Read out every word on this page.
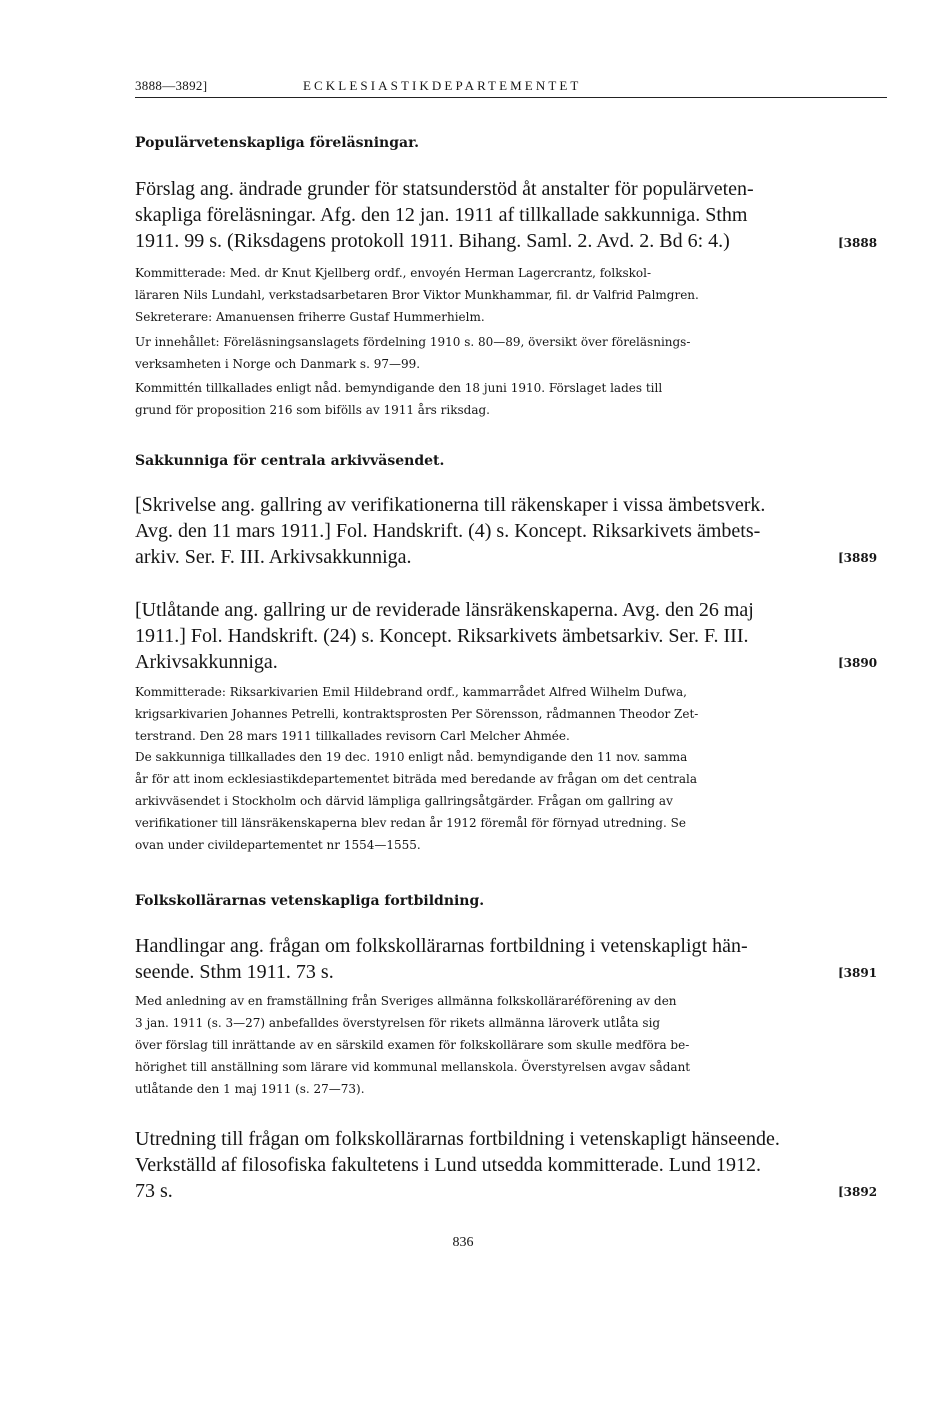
3888—3892]	ECKLESIASTIKDEPARTEMENTET
Populärvetenskapliga föreläsningar.

Förslag ang. ändrade grunder för statsunderstöd åt anstalter för populärveten-
skapliga föreläsningar. Afg. den 12 jan. 1911 af tillkallade sakkunniga. Sthm
1911. 99 s. (Riksdagens protokoll 1911. Bihang. Saml. 2. Avd. 2. Bd 6: 4.)	[3888

Kommitterade: Med. dr Knut Kjellberg ordf., envoyén Herman Lagercrantz, folkskol-
läraren Nils Lundahl, verkstadsarbetaren Bror Viktor Munkhammar, fil. dr Valfrid Palmgren.
Sekreterare: Amanuensen friherre Gustaf Hummerhielm.

Ur innehållet: Föreläsningsanslagets fördelning 1910 s. 80—89, översikt över föreläsnings-
verksamheten i Norge och Danmark s. 97—99.

Kommittén tillkallades enligt nåd. bemyndigande den 18 juni 1910. Förslaget lades till
grund för proposition 216 som bifölls av 1911 års riksdag.

Sakkunniga för centrala arkivväsendet.

[Skrivelse ang. gallring av verifikationerna till räkenskaper i vissa ämbetsverk.
Avg. den 11 mars 1911.] Fol. Handskrift. (4) s. Koncept. Riksarkivets ämbets-
arkiv. Ser. F. III. Arkivsakkunniga.	[3889

[Utlåtande ang. gallring ur de reviderade länsräkenskaperna. Avg. den 26 maj
1911.] Fol. Handskrift. (24) s. Koncept. Riksarkivets ämbetsarkiv. Ser. F. III.
Arkivsakkunniga.	[3890

Kommitterade: Riksarkivarien Emil Hildebrand ordf., kammarrådet Alfred Wilhelm Dufwa,
krigsarkivarien Johannes Petrelli, kontraktsprosten Per Sörensson, rådmannen Theodor Zet-
terstrand. Den 28 mars 1911 tillkallades revisorn Carl Melcher Ahmée.

De sakkunniga tillkallades den 19 dec. 1910 enligt nåd. bemyndigande den 11 nov. samma
år för att inom ecklesiastikdepartementet biträda med beredande av frågan om det centrala
arkivväsendet i Stockholm och därvid lämpliga gallringsåtgärder. Frågan om gallring av
verifikationer till länsräkenskaperna blev redan år 1912 föremål för förnyad utredning. Se
ovan under civildepartementet nr 1554—1555.

Folkskollärarnas vetenskapliga fortbildning.

Handlingar ang. frågan om folkskollärarnas fortbildning i vetenskapligt hän-
seende. Sthm 1911. 73 s.	[3891

Med anledning av en framställning från Sveriges allmänna folkskolläraréförening av den
3 jan. 1911 (s. 3—27) anbefalldes överstyrelsen för rikets allmänna läroverk utlåta sig
över förslag till inrättande av en särskild examen för folkskollärare som skulle medföra be-
hörighet till anställning som lärare vid kommunal mellanskola. Överstyrelsen avgav sådant
utlåtande den 1 maj 1911 (s. 27—73).

Utredning till frågan om folkskollärarnas fortbildning i vetenskapligt hänseende.
Verkställd af filosofiska fakultetens i Lund utsedda kommitterade. Lund 1912.
73 s.	[3892
836
